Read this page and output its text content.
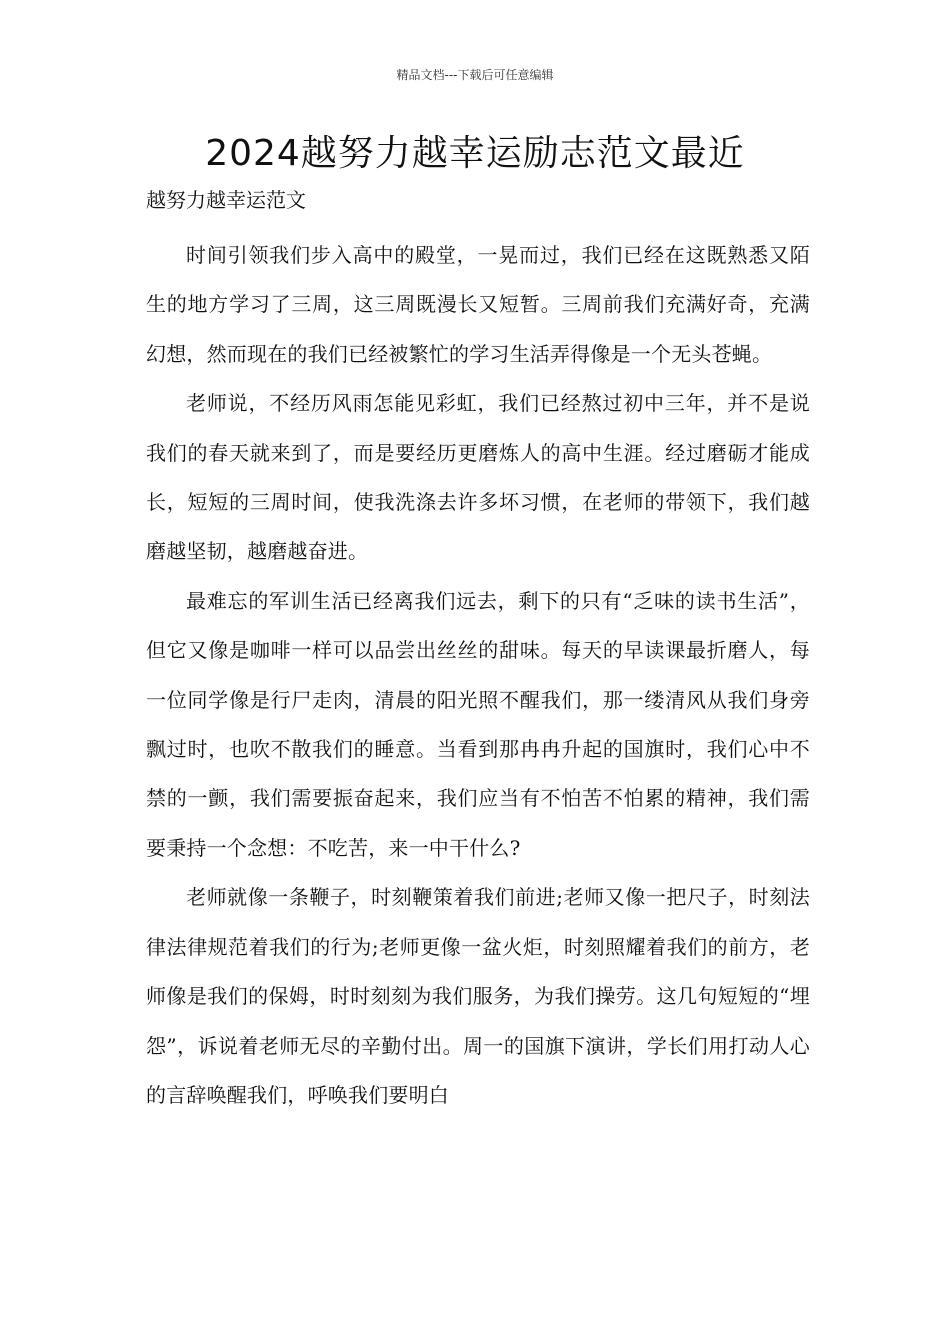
精品文档---下载后可任意编辑
2024越努力越幸运励志范文最近

越努力越幸运范文

时间引领我们步入高中的殿堂，一晃而过，我们已经在这既熟悉又陌生的地方学习了三周，这三周既漫长又短暂。三周前我们充满好奇，充满幻想，然而现在的我们已经被繁忙的学习生活弄得像是一个无头苍蝇。

老师说，不经历风雨怎能见彩虹，我们已经熬过初中三年，并不是说我们的春天就来到了，而是要经历更磨炼人的高中生涯。经过磨砺才能成长，短短的三周时间，使我洗涤去许多坏习惯，在老师的带领下，我们越磨越坚韧，越磨越奋进。

最难忘的军训生活已经离我们远去，剩下的只有“乏味的读书生活”，但它又像是咖啡一样可以品尝出丝丝的甜味。每天的早读课最折磨人，每一位同学像是行尸走肉，清晨的阳光照不醒我们，那一缕清风从我们身旁飘过时，也吹不散我们的睡意。当看到那冉冉升起的国旗时，我们心中不禁的一颤，我们需要振奋起来，我们应当有不怕苦不怕累的精神，我们需要秉持一个念想：不吃苦，来一中干什么?

老师就像一条鞭子，时刻鞭策着我们前进;老师又像一把尺子，时刻法律法律规范着我们的行为;老师更像一盆火炬，时刻照耀着我们的前方，老师像是我们的保姆，时时刻刻为我们服务，为我们操劳。这几句短短的“埋怨”，诉说着老师无尽的辛勤付出。周一的国旗下演讲，学长们用打动人心的言辞唤醒我们，呼唤我们要明白
